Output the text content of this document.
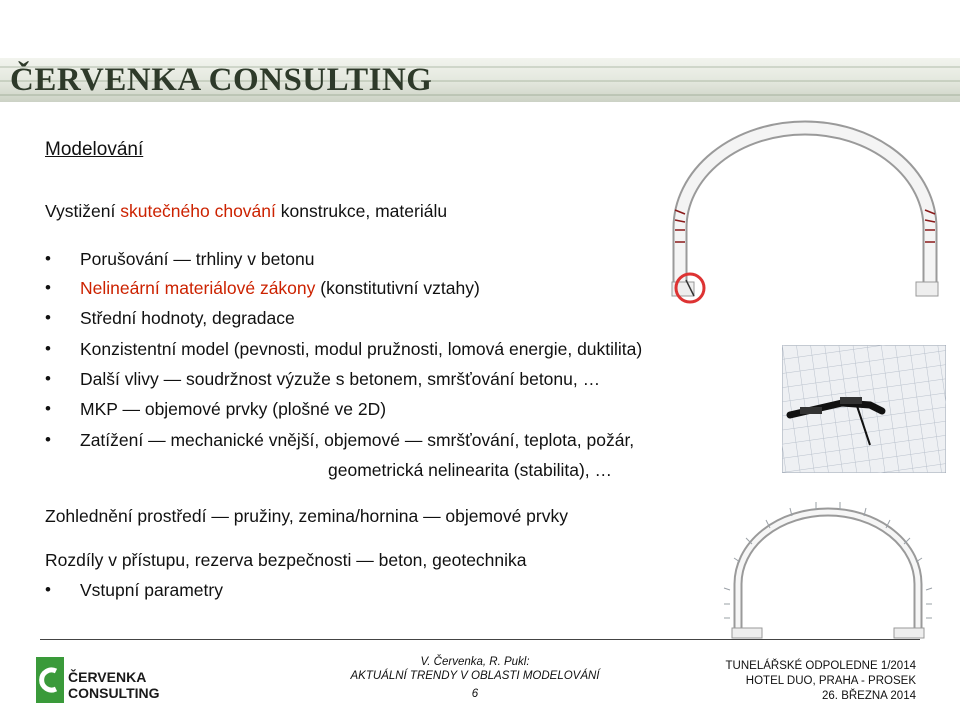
ČERVENKA CONSULTING
Modelování
Vystižení skutečného chování konstrukce, materiálu
• Porušování — trhliny v betonu
• Nelineární materiálové zákony (konstitutivní vztahy)
• Střední hodnoty, degradace
• Konzistentní model (pevnosti, modul pružnosti, lomová energie, duktilita)
• Další vlivy — soudržnost výzuže s betonem, smršťování betonu, …
• MKP — objemové prvky (plošné ve 2D)
• Zatížení — mechanické vnější, objemové — smršťování, teplota, požár,
geometrická nelinearita (stabilita), …
Zohlednění prostředí — pružiny, zemina/hornina — objemové prvky
Rozdíly v přístupu, rezerva bezpečnosti — beton, geotechnika
• Vstupní parametry
ČERVENKA
CONSULTING
V. Červenka, R. Pukl:
AKTUÁLNÍ TRENDY V OBLASTI MODELOVÁNÍ
6
TUNELÁŘSKÉ ODPOLEDNE 1/2014
HOTEL DUO, PRAHA - PROSEK
26. BŘEZNA 2014
